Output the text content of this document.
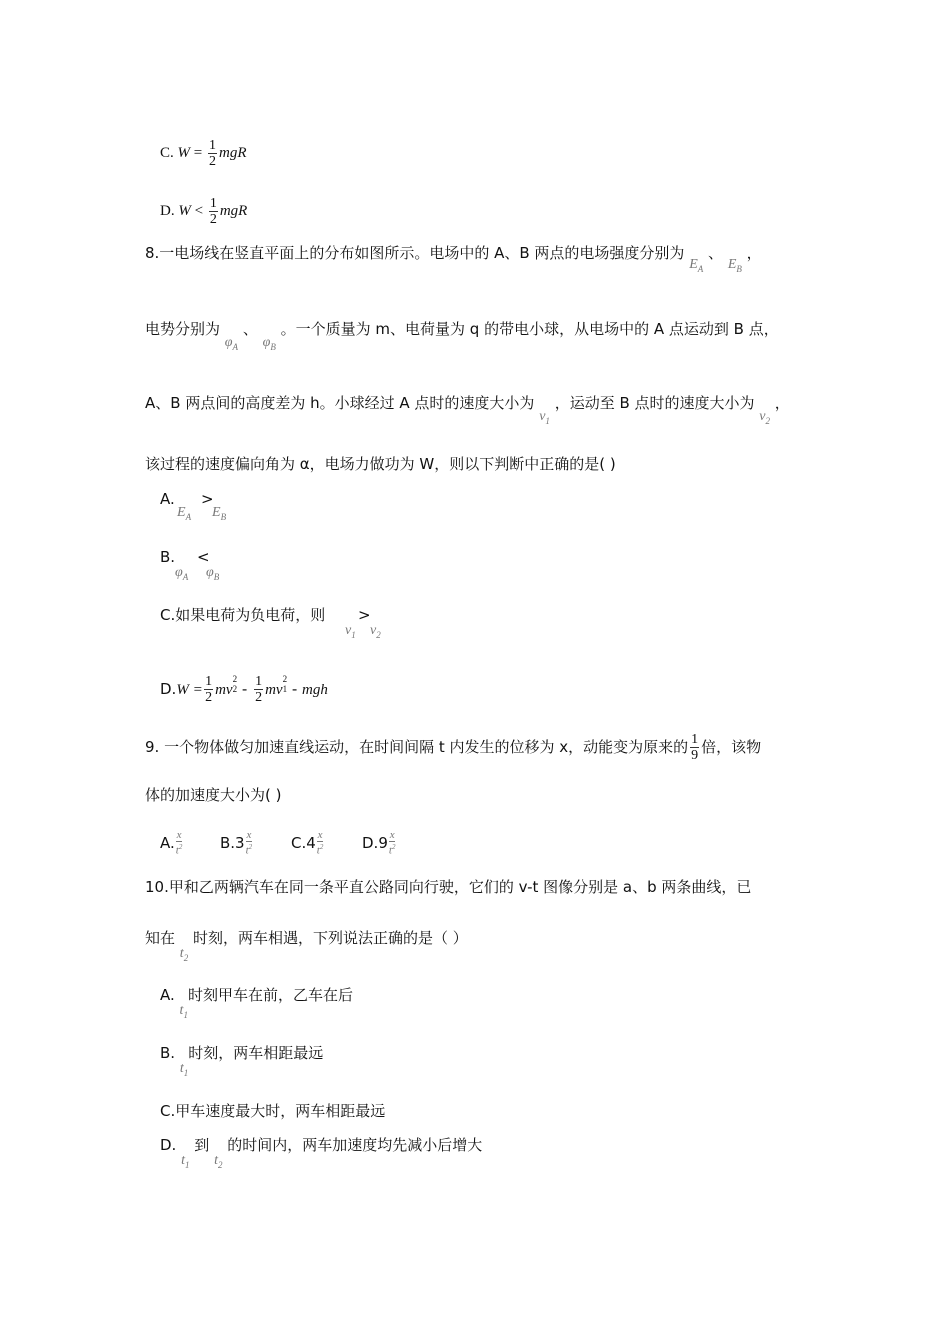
C. $W = \frac{1}{2}$ mgR
D. $W < \frac{1}{2}$ mgR
8.一电场线在竖直平面上的分布如图所示。电场中的 A、B 两点的电场强度分别为 $E_A$ 、 $E_B$ ，
电势分别为 $\varphi_A$ 、 $\varphi_B$ 。一个质量为 m、电荷量为 q 的带电小球，从电场中的 A 点运动到 B 点，
A、B 两点间的高度差为 h。小球经过 A 点时的速度大小为 $v_1$ ，运动至 B 点时的速度大小为 $v_2$ ，
该过程的速度偏向角为 α，电场力做功为 W，则以下判断中正确的是( )
A.
$E_A$
>
$E_B$
B.
$\varphi_A$
<
$\varphi_B$
C.如果电荷为负电荷，则
$v_1$
>
$v_2$
$D.W = \frac{1}{2}$ mv
2
$2 - \frac{1}{2}$ mv
2
1 - mgh
9. 一个物体做匀加速直线运动，在时间间隔 t 内发生的位移为 x，动能变为原来的 $\frac{1}{9}$ 倍，该物
体的加速度大小为( )
A. $\frac{x}{t^2}$	$B.3 \frac{x}{t^2}$	$C.4 \frac{x}{t^2}$	$D.9 \frac{x}{t^2}$
10.甲和乙两辆汽车在同一条平直公路同向行驶，它们的 v-t 图像分别是 a、b 两条曲线，已
知在 $t_2$ 时刻，两车相遇，下列说法正确的是（ ）
A. $t_1$时刻甲车在前，乙车在后
B. $t_1$时刻，两车相距最远
C.甲车速度最大时，两车相距最远
D. $t_1$ 到 $t_2$ 的时间内，两车加速度均先减小后增大
